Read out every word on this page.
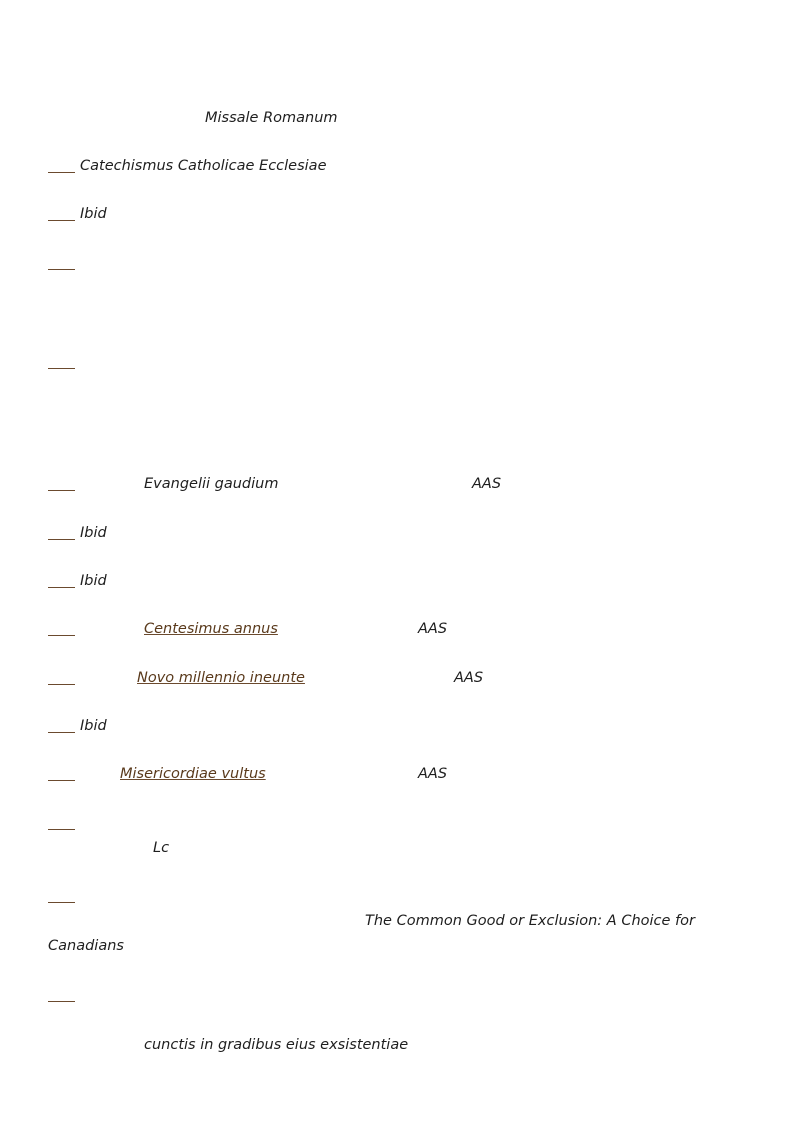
Missale Romanum
Catechismus Catholicae Ecclesiae
Ibid
Evangelii gaudium	AAS
Ibid
Ibid
Centesimus annus	AAS
Novo millennio ineunte	AAS
Ibid
Misericordiae vultus	AAS
Lc
The Common Good or Exclusion: A Choice for
Canadians
cunctis in gradibus eius exsistentiae
